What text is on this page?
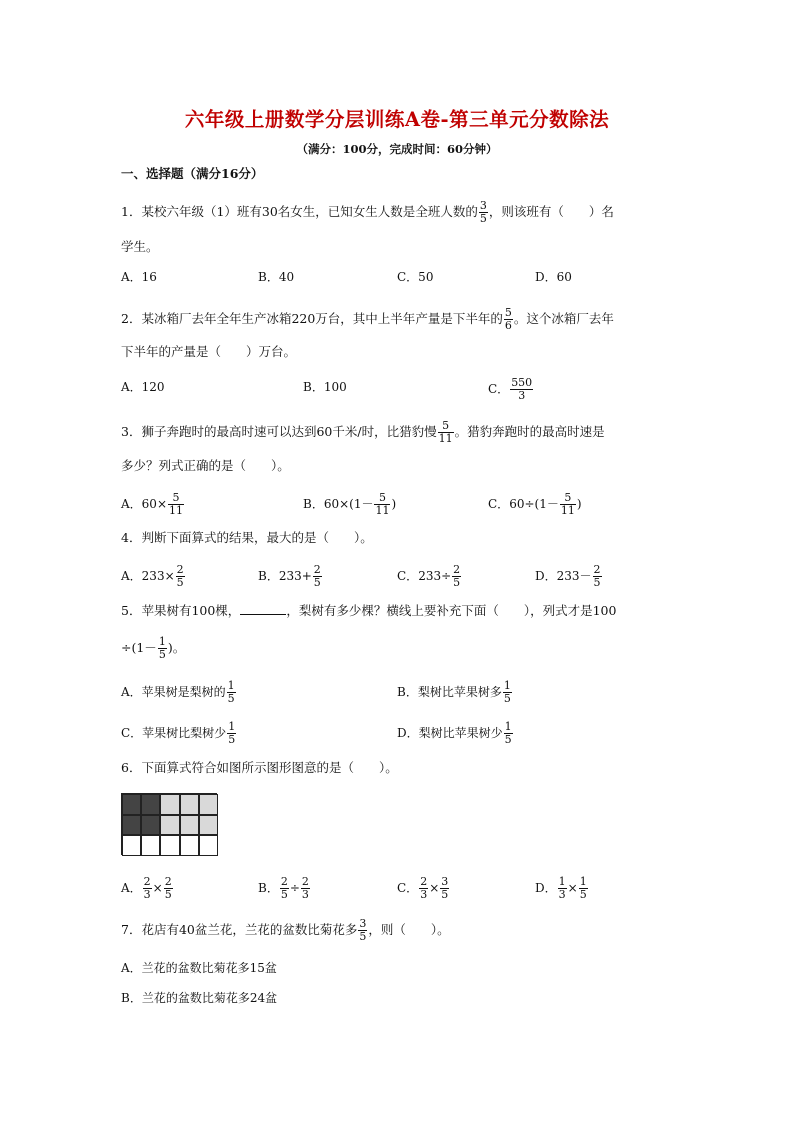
六年级上册数学分层训练A卷-第三单元分数除法
（满分：100分，完成时间：60分钟）
一、选择题（满分16分）
1．某校六年级（1）班有30名女生，已知女生人数是全班人数的 $\frac{3}{5}$ ，则该班有（　　）名
学生。
A．16	B．40	C．50	D．60
2．某冰箱厂去年全年生产冰箱220万台，其中上半年产量是下半年的 $\frac{5}{6}$ 。这个冰箱厂去年
下半年的产量是（　　）万台。
A．120	B．100	C． $\frac{550}{3}$
3．狮子奔跑时的最高时速可以达到60千米/时，比猎豹慢 $\frac{5}{11}$ 。猎豹奔跑时的最高时速是
多少？列式正确的是（　　）。
A．$60\times \frac{5}{11}$	B．$60\times(1- \frac{5}{11}$ )	C．$60\div(1- \frac{5}{11}$ )
4．判断下面算式的结果，最大的是（　　）。
A．$233\times \frac{2}{5}$	B．$233+ \frac{2}{5}$	C．$233\div \frac{2}{5}$	D．$233- \frac{2}{5}$
5．苹果树有100棵，	，梨树有多少棵？横线上要补充下面（　　），列式才是100
$\div(1- \frac{1}{5}$ )。
A．苹果树是梨树的 $\frac{1}{5}$	B．梨树比苹果树多 $\frac{1}{5}$
C．苹果树比梨树少 $\frac{1}{5}$	D．梨树比苹果树少 $\frac{1}{5}$
6．下面算式符合如图所示图形图意的是（　　）。
A． $\frac{2}{3} \times \frac{2}{5}$	B． $\frac{2}{5} \div \frac{2}{3}$	C． $\frac{2}{3} \times \frac{3}{5}$	D． $\frac{1}{3} \times \frac{1}{5}$
7．花店有40盆兰花，兰花的盆数比菊花多 $\frac{3}{5}$ ，则（　　）。
A．兰花的盆数比菊花多15盆
B．兰花的盆数比菊花多24盆
